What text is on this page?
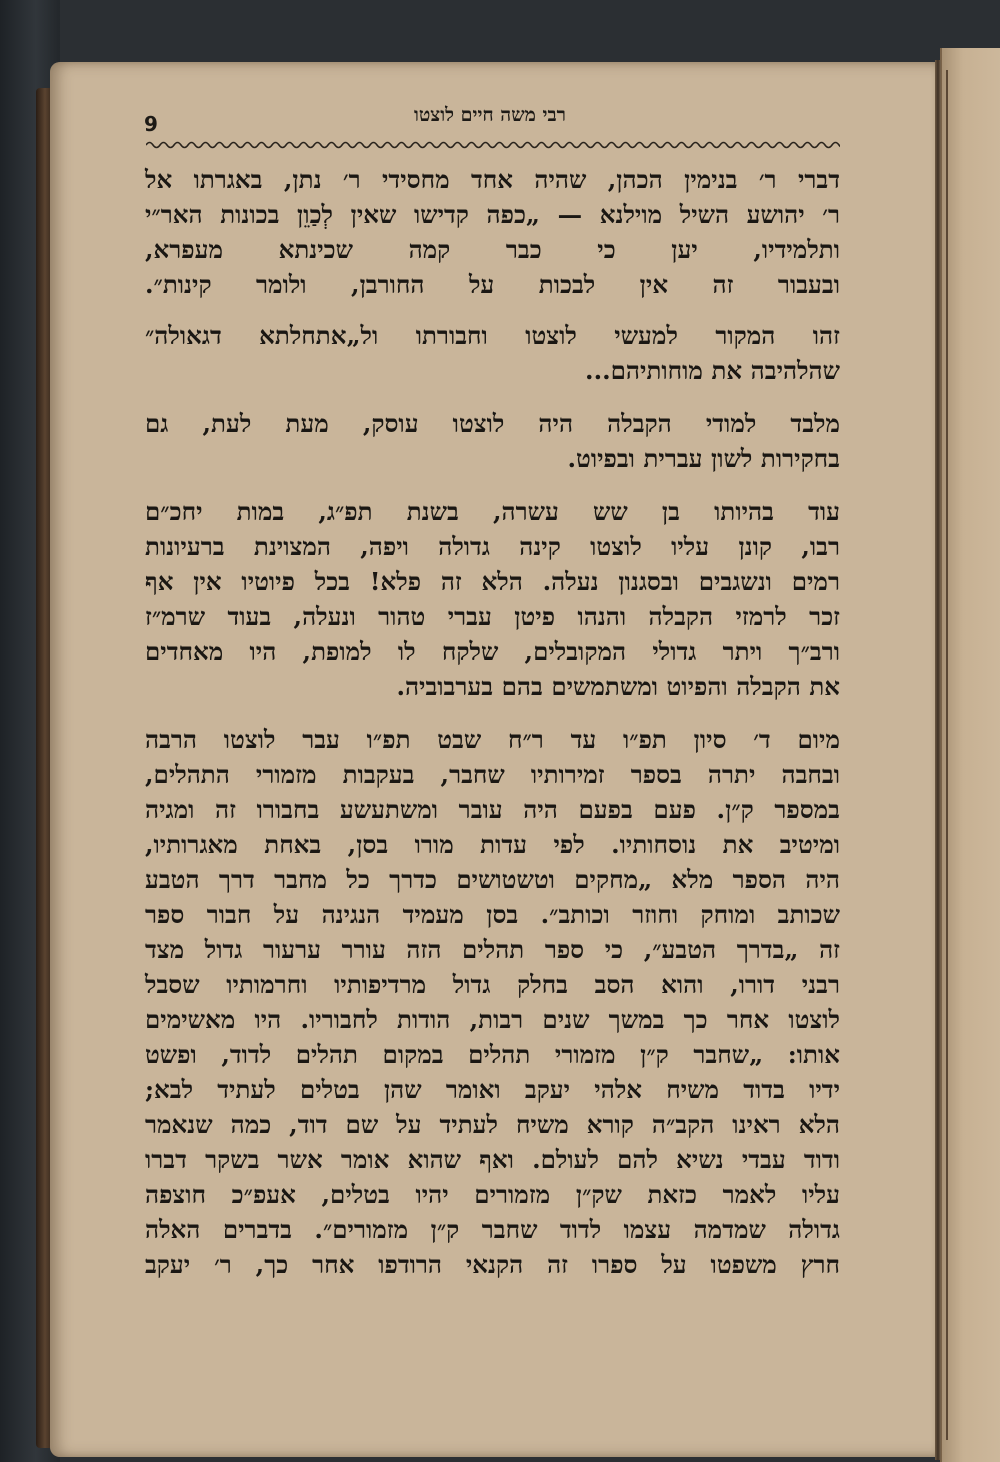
9	רבי משה חיים לוצטו
דברי ר׳ בנימין הכהן, שהיה אחד מחסידי ר׳ נתן, באגרתו אל
ר׳ יהושע השיל מוילנא — „כפה קדישו שאין לְכַוֵן בכונות האר״י
ותלמידיו, יען כי כבר קמה שכינתא מעפרא,
ובעבור זה אין לבכות על החורבן, ולומר קינות״.
זהו המקור למעשי לוצטו וחבורתו ול„אתחלתא דגאולה״
שהלהיבה את מוחותיהם...
מלבד למודי הקבלה היה לוצטו עוסק, מעת לעת, גם
בחקירות לשון עברית ובפיוט.
עוד בהיותו בן שש עשרה, בשנת תפ״ג, במות יחכ״ם
רבו, קונן עליו לוצטו קינה גדולה ויפה, המצוינת ברעיונות
רמים ונשגבים ובסגנון נעלה. הלא זה פלא! בכל פיוטיו אין אף
זכר לרמזי הקבלה והנהו פיטן עברי טהור ונעלה, בעוד שרמ״ז
ורב״ך ויתר גדולי המקובלים, שלקח לו למופת, היו מאחדים
את הקבלה והפיוט ומשתמשים בהם בערבוביה.
מיום ד׳ סיון תפ״ו עד ר״ח שבט תפ״ו עבר לוצטו הרבה
ובחבה יתרה בספר זמירותיו שחבר, בעקבות מזמורי התהלים,
במספר ק״ן. פעם בפעם היה עובר ומשתעשע בחבורו זה ומגיה
ומיטיב את נוסחותיו. לפי עדות מורו בסן, באחת מאגרותיו,
היה הספר מלא „מחקים וטשטושים כדרך כל מחבר דרך הטבע
שכותב ומוחק וחוזר וכותב״. בסן מעמיד הנגינה על חבור ספר
זה „בדרך הטבע״, כי ספר תהלים הזה עורר ערעור גדול מצד
רבני דורו, והוא הסב בחלק גדול מרדיפותיו וחרמותיו שסבל
לוצטו אחר כך במשך שנים רבות, הודות לחבוריו. היו מאשימים
אותו: „שחבר ק״ן מזמורי תהלים במקום תהלים לדוד, ופשט
ידיו בדוד משיח אלהי יעקב ואומר שהן בטלים לעתיד לבא;
הלא ראינו הקב״ה קורא משיח לעתיד על שם דוד, כמה שנאמר
ודוד עבדי נשיא להם לעולם. ואף שהוא אומר אשר בשקר דברו
עליו לאמר כזאת שק״ן מזמורים יהיו בטלים, אעפ״כ חוצפה
גדולה שמדמה עצמו לדוד שחבר ק״ן מזמורים״. בדברים האלה
חרץ משפטו על ספרו זה הקנאי הרודפו אחר כך, ר׳ יעקב
